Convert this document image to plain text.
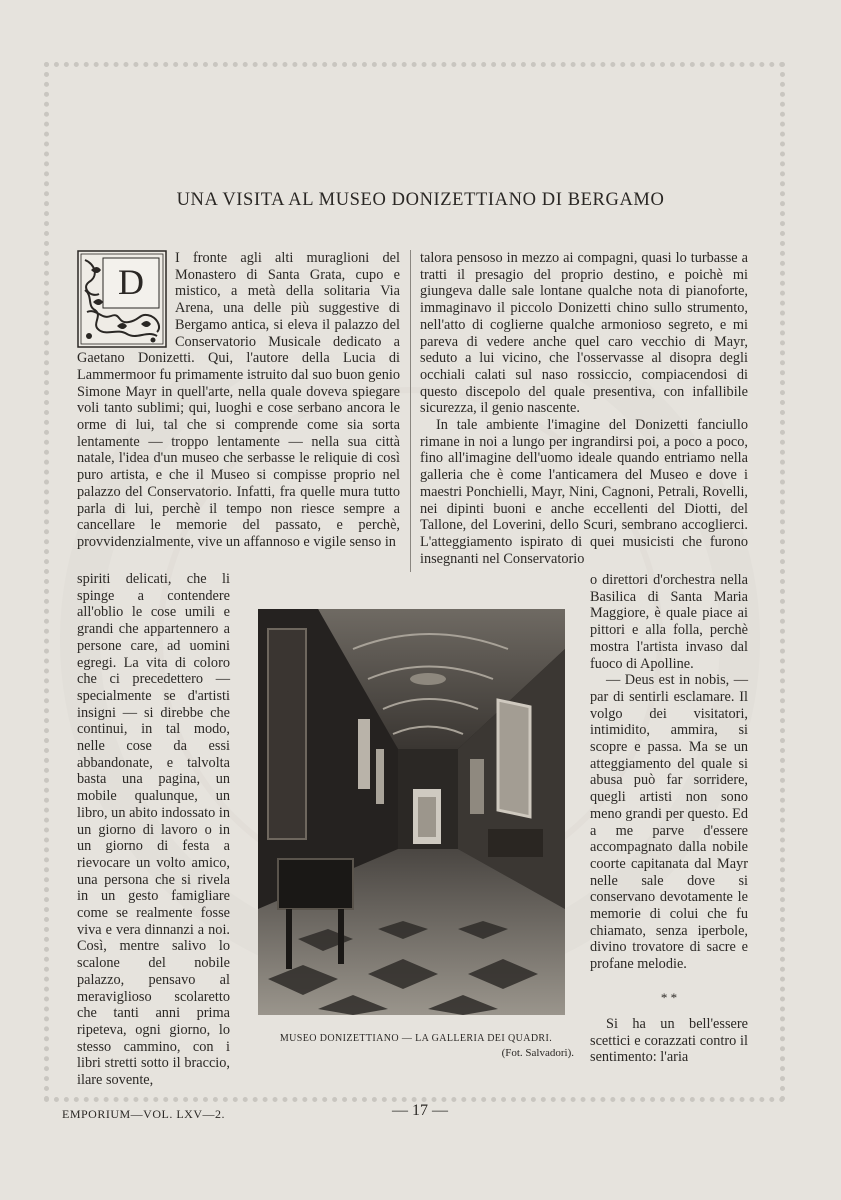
UNA VISITA AL MUSEO DONIZETTIANO DI BERGAMO
D

I fronte agli alti muraglioni del Monastero di Santa Grata, cupo e mistico, a metà della solitaria Via Arena, una delle più suggestive di Bergamo antica, si eleva il palazzo del Conservatorio Musicale dedicato a Gaetano Donizetti. Qui, l'autore della Lucia di Lammermoor fu primamente istruito dal suo buon genio Simone Mayr in quell'arte, nella quale doveva spiegare voli tanto sublimi; qui, luoghi e cose serbano ancora le orme di lui, tal che si comprende come sia sorta lentamente — troppo lentamente — nella sua città natale, l'idea d'un museo che serbasse le reliquie di così puro artista, e che il Museo si compisse proprio nel palazzo del Conservatorio. Infatti, fra quelle mura tutto parla di lui, perchè il tempo non riesce sempre a cancellare le memorie del passato, e perchè, provvidenzialmente, vive un affannoso e vigile senso in

spiriti delicati, che li spinge a contendere all'oblio le cose umili e grandi che appartennero a persone care, ad uomini egregi. La vita di coloro che ci precedettero — specialmente se d'artisti insigni — si direbbe che continui, in tal modo, nelle cose da essi abbandonate, e talvolta basta una pagina, un mobile qualunque, un libro, un abito indossato in un giorno di lavoro o in un giorno di festa a rievocare un volto amico, una persona che si rivela in un gesto famigliare come se realmente fosse viva e vera dinnanzi a noi. Così, mentre salivo lo scalone del nobile palazzo, pensavo al meraviglioso scolaretto che tanti anni prima ripeteva, ogni giorno, lo stesso cammino, con i libri stretti sotto il braccio, ilare sovente,

talora pensoso in mezzo ai compagni, quasi lo turbasse a tratti il presagio del proprio destino, e poichè mi giungeva dalle sale lontane qualche nota di pianoforte, immaginavo il piccolo Donizetti chino sullo strumento, nell'atto di coglierne qualche armonioso segreto, e mi pareva di vedere anche quel caro vecchio di Mayr, seduto a lui vicino, che l'osservasse al disopra degli occhiali calati sul naso rossiccio, compiacendosi di questo discepolo del quale presentiva, con infallibile sicurezza, il genio nascente.

In tale ambiente l'imagine del Donizetti fanciullo rimane in noi a lungo per ingrandirsi poi, a poco a poco, fino all'imagine dell'uomo ideale quando entriamo nella galleria che è come l'anticamera del Museo e dove i maestri Ponchielli, Mayr, Nini, Cagnoni, Petrali, Rovelli, nei dipinti buoni e anche eccellenti del Diotti, del Tallone, del Loverini, dello Scuri, sembrano accoglierci. L'atteggiamento ispirato di quei musicisti che furono insegnanti nel Conservatorio

o direttori d'orchestra nella Basilica di Santa Maria Maggiore, è quale piace ai pittori e alla folla, perchè mostra l'artista invaso dal fuoco di Apolline.

— Deus est in nobis, — par di sentirli esclamare. Il volgo dei visitatori, intimidito, ammira, si scopre e passa. Ma se un atteggiamento del quale si abusa può far sorridere, quegli artisti non sono meno grandi per questo. Ed a me parve d'essere accompagnato dalla nobile coorte capitanata dal Mayr nelle sale dove si conservano devotamente le memorie di colui che fu chiamato, senza iperbole, divino trovatore di sacre e profane melodie.

* *

Si ha un bell'essere scettici e corazzati contro il sentimento: l'aria

MUSEO DONIZETTIANO — LA GALLERIA DEI QUADRI.
(Fot. Salvadori).
EMPORIUM—VOL. LXV—2.	— 17 —
